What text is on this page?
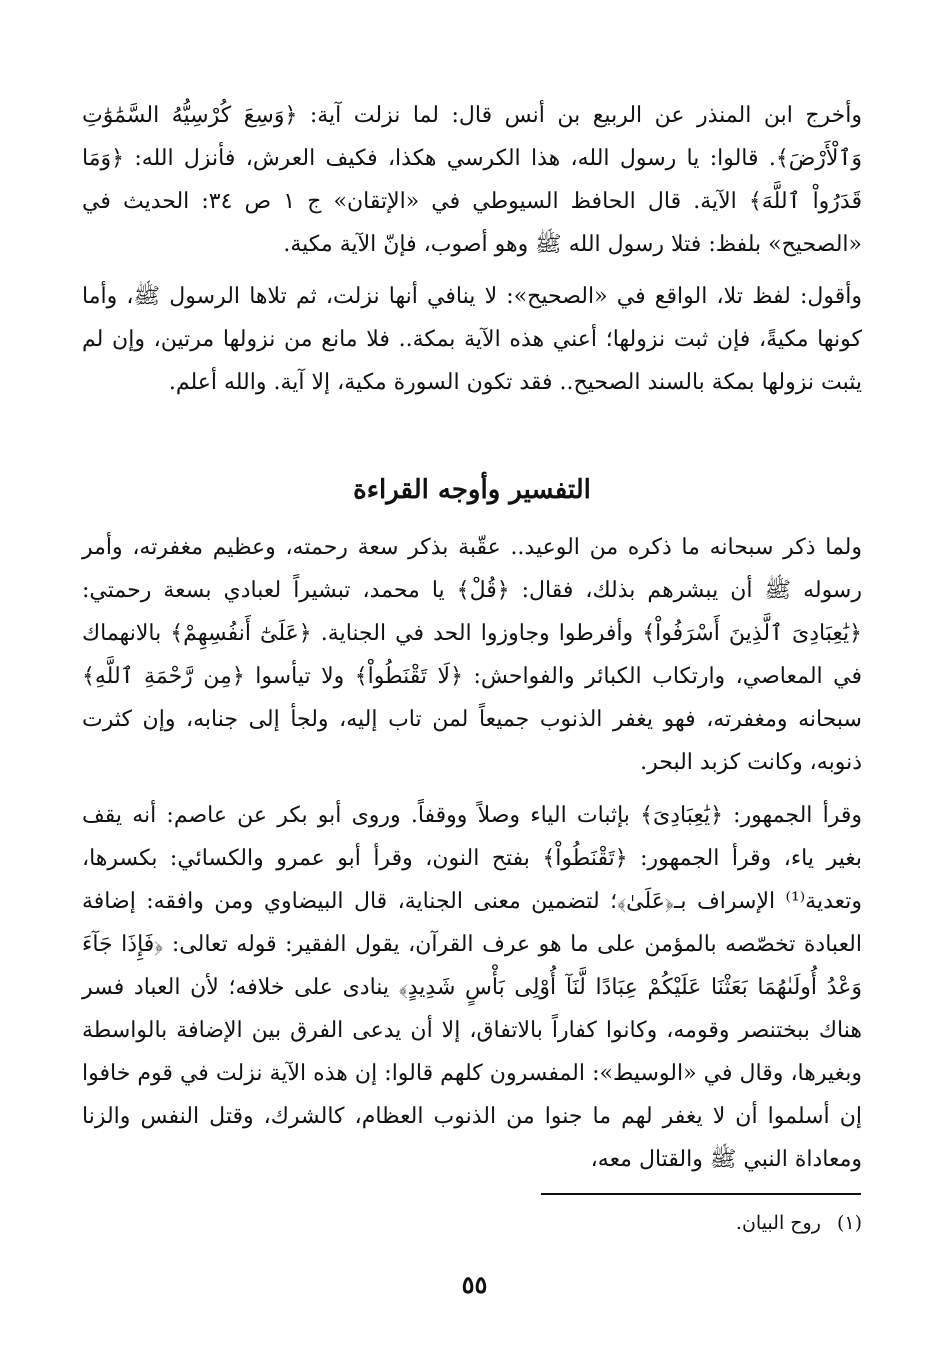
وأخرج ابن المنذر عن الربيع بن أنس قال: لما نزلت آية: ﴿وَسِعَ كُرْسِيُّهُ السَّمَٰوَٰتِ وَٱلْأَرْضَ﴾. قالوا: يا رسول الله، هذا الكرسي هكذا، فكيف العرش، فأنزل الله: ﴿وَمَا قَدَرُواْ ٱللَّهَ﴾ الآية. قال الحافظ السيوطي في «الإتقان» ج ١ ص ٣٤: الحديث في «الصحيح» بلفظ: فتلا رسول الله ﷺ وهو أصوب، فإنّ الآية مكية.

وأقول: لفظ تلا، الواقع في «الصحيح»: لا ينافي أنها نزلت، ثم تلاها الرسول ﷺ، وأما كونها مكيةً، فإن ثبت نزولها؛ أعني هذه الآية بمكة.. فلا مانع من نزولها مرتين، وإن لم يثبت نزولها بمكة بالسند الصحيح.. فقد تكون السورة مكية، إلا آية. والله أعلم.

التفسير وأوجه القراءة

ولما ذكر سبحانه ما ذكره من الوعيد.. عقّبة بذكر سعة رحمته، وعظيم مغفرته، وأمر رسوله ﷺ أن يبشرهم بذلك، فقال: ﴿قُلْ﴾ يا محمد، تبشيراً لعبادي بسعة رحمتي: ﴿يَٰعِبَادِىَ ٱلَّذِينَ أَسْرَفُواْ﴾ وأفرطوا وجاوزوا الحد في الجناية. ﴿عَلَىٰٓ أَنفُسِهِمْ﴾ بالانهماك في المعاصي، وارتكاب الكبائر والفواحش: ﴿لَا تَقْنَطُواْ﴾ ولا تيأسوا ﴿مِن رَّحْمَةِ ٱللَّهِ﴾ سبحانه ومغفرته، فهو يغفر الذنوب جميعاً لمن تاب إليه، ولجأ إلى جنابه، وإن كثرت ذنوبه، وكانت كزبد البحر.

وقرأ الجمهور: ﴿يَٰعِبَادِىَ﴾ بإثبات الياء وصلاً ووقفاً. وروى أبو بكر عن عاصم: أنه يقف بغير ياء، وقرأ الجمهور: ﴿تَقْنَطُواْ﴾ بفتح النون، وقرأ أبو عمرو والكسائي: بكسرها، وتعدية⁽¹⁾ الإسراف بـ﴿عَلَىٰ﴾؛ لتضمين معنى الجناية، قال البيضاوي ومن وافقه: إضافة العبادة تخصّصه بالمؤمن على ما هو عرف القرآن، يقول الفقير: قوله تعالى: ﴿فَإِذَا جَآءَ وَعْدُ أُولَىٰهُمَا بَعَثْنَا عَلَيْكُمْ عِبَادًا لَّنَآ أُوْلِى بَأْسٍ شَدِيدٍ﴾ ينادى على خلافه؛ لأن العباد فسر هناك ببختنصر وقومه، وكانوا كفاراً بالاتفاق، إلا أن يدعى الفرق بين الإضافة بالواسطة وبغيرها، وقال في «الوسيط»: المفسرون كلهم قالوا: إن هذه الآية نزلت في قوم خافوا إن أسلموا أن لا يغفر لهم ما جنوا من الذنوب العظام، كالشرك، وقتل النفس والزنا ومعاداة النبي ﷺ والقتال معه،

(١) روح البيان.
٥٥
